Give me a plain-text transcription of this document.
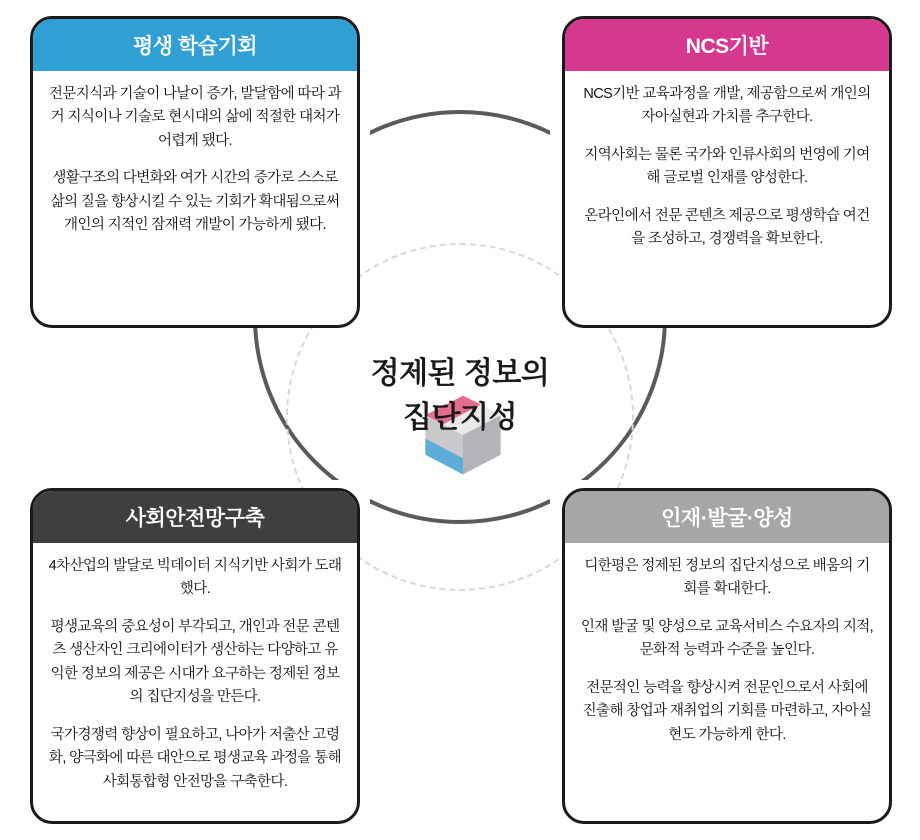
정제된 정보의
집단지성
평생 학습기회

전문지식과 기술이 나날이 증가, 발달함에 따라 과거 지식이나 기술로 현시대의 삶에 적절한 대처가 어렵게 됐다.

생활구조의 다변화와 여가 시간의 증가로 스스로 삶의 질을 향상시킬 수 있는 기회가 확대됨으로써 개인의 지적인 잠재력 개발이 가능하게 됐다.

NCS기반

NCS기반 교육과정을 개발, 제공함으로써 개인의 자아실현과 가치를 추구한다.

지역사회는 물론 국가와 인류사회의 번영에 기여해 글로벌 인재를 양성한다.

온라인에서 전문 콘텐츠 제공으로 평생학습 여건을 조성하고, 경쟁력을 확보한다.

사회안전망구축

4차산업의 발달로 빅데이터 지식기반 사회가 도래했다.

평생교육의 중요성이 부각되고, 개인과 전문 콘텐츠 생산자인 크리에이터가 생산하는 다양하고 유익한 정보의 제공은 시대가 요구하는 정제된 정보의 집단지성을 만든다.

국가경쟁력 향상이 필요하고, 나아가 저출산 고령화, 양극화에 따른 대안으로 평생교육 과정을 통해 사회통합형 안전망을 구축한다.

인재·발굴·양성

디한평은 정제된 정보의 집단지성으로 배움의 기회를 확대한다.

인재 발굴 및 양성으로 교육서비스 수요자의 지적, 문화적 능력과 수준을 높인다.

전문적인 능력을 향상시켜 전문인으로서 사회에 진출해 창업과 재취업의 기회를 마련하고, 자아실현도 가능하게 한다.
